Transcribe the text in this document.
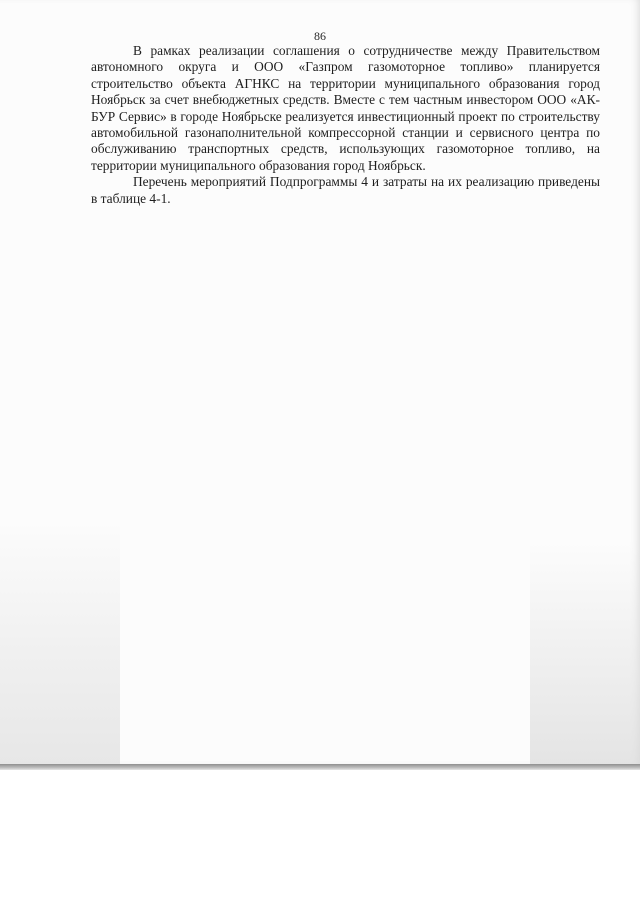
86

В рамках реализации соглашения о сотрудничестве между Правительством автономного округа и ООО «Газпром газомоторное топливо» планируется строительство объекта АГНКС на территории муниципального образования город Ноябрьск за счет внебюджетных средств. Вместе с тем частным инвестором ООО «АК-БУР Сервис» в городе Ноябрьске реализуется инвестиционный проект по строительству автомобильной газонаполнительной компрессорной станции и сервисного центра по обслуживанию транспортных средств, использующих газомоторное топливо, на территории муниципального образования город Ноябрьск.

Перечень мероприятий Подпрограммы 4 и затраты на их реализацию приведены в таблице 4-1.
